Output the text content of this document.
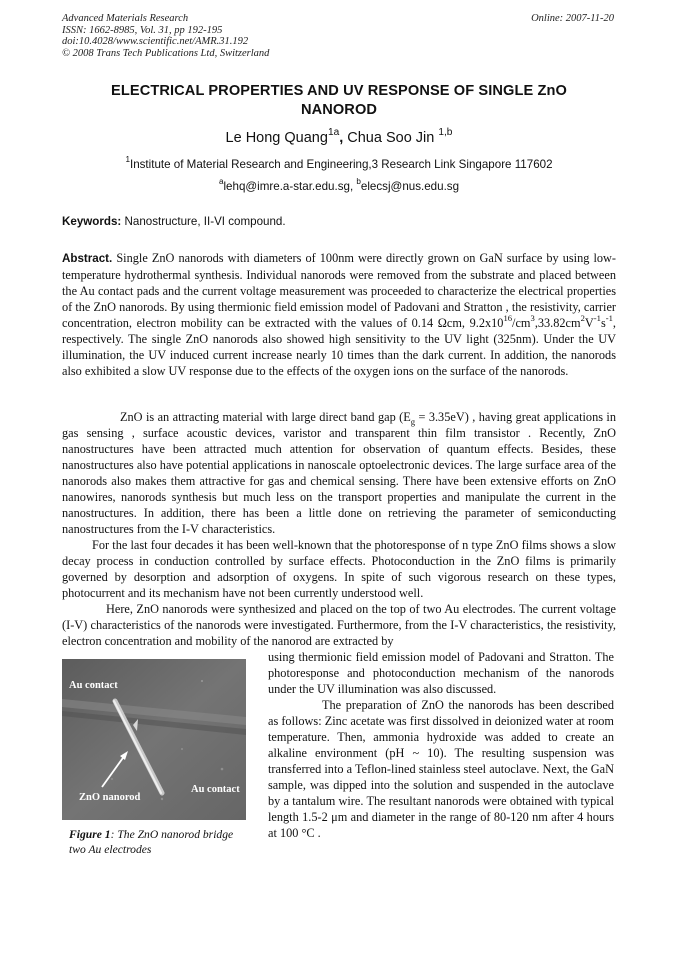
Advanced Materials Research
ISSN: 1662-8985, Vol. 31, pp 192-195
doi:10.4028/www.scientific.net/AMR.31.192
© 2008 Trans Tech Publications Ltd, Switzerland
Online: 2007-11-20
ELECTRICAL PROPERTIES AND UV RESPONSE OF SINGLE ZnO
NANOROD
Le Hong Quang$^{1a}$, Chua Soo Jin $^{1,b}$
$^1$Institute of Material Research and Engineering,3 Research Link Singapore 117602
$^a$lehq@imre.a-star.edu.sg, $^b$elecsj@nus.edu.sg
Keywords: Nanostructure, II-VI compound.
Abstract. Single ZnO nanorods with diameters of 100nm were directly grown on GaN surface by using low-temperature hydrothermal synthesis. Individual nanorods were removed from the substrate and placed between the Au contact pads and the current voltage measurement was proceeded to characterize the electrical properties of the ZnO nanorods. By using thermionic field emission model of Padovani and Stratton , the resistivity, carrier concentration, electron mobility can be extracted with the values of 0.14 Ωcm, $9.2x10^{16}/cm^3,33.82cm^2V^{-1}s^{-1}$, respectively. The single ZnO nanorods also showed high sensitivity to the UV light (325nm). Under the UV illumination, the UV induced current increase nearly 10 times than the dark current. In addition, the nanorods also exhibited a slow UV response due to the effects of the oxygen ions on the surface of the nanorods.

ZnO is an attracting material with large direct band gap $(E_g = 3.35eV)$ , having great applications in gas sensing , surface acoustic devices, varistor and transparent thin film transistor . Recently, ZnO nanostructures have been attracted much attention for observation of quantum effects. Besides, these nanostructures also have potential applications in nanoscale optoelectronic devices. The large surface area of the nanorods also makes them attractive for gas and chemical sensing. There have been extensive efforts on ZnO nanowires, nanorods synthesis but much less on the transport properties and manipulate the current in the nanostructures. In addition, there has been a little done on retrieving the parameter of semiconducting nanostructures from the I-V characteristics.

For the last four decades it has been well-known that the photoresponse of n type ZnO films shows a slow decay process in conduction controlled by surface effects. Photoconduction in the ZnO films is primarily governed by desorption and adsorption of oxygens. In spite of such vigorous research on these types, photocurrent and its mechanism have not been currently understood well.

Here, ZnO nanorods were synthesized and placed on the top of two Au electrodes. The current voltage (I-V) characteristics of the nanorods were investigated. Furthermore, from the I-V characteristics, the resistivity, electron concentration and mobility of the nanorod are extracted by

Au contact
Au contact
ZnO nanorod
Figure 1: The ZnO nanorod bridge two Au electrodes

using thermionic field emission model of Padovani and Stratton. The photoresponse and photoconduction mechanism of the nanorods under the UV illumination was also discussed.

The preparation of ZnO the nanorods has been described as follows: Zinc acetate was first dissolved in deionized water at room temperature. Then, ammonia hydroxide was added to create an alkaline environment (pH ~ 10). The resulting suspension was transferred into a Teflon-lined stainless steel autoclave. Next, the GaN sample, was dipped into the solution and suspended in the autoclave by a tantalum wire. The resultant nanorods were obtained with typical length 1.5-2 μm and diameter in the range of 80-120 nm after 4 hours at 100 °C .
